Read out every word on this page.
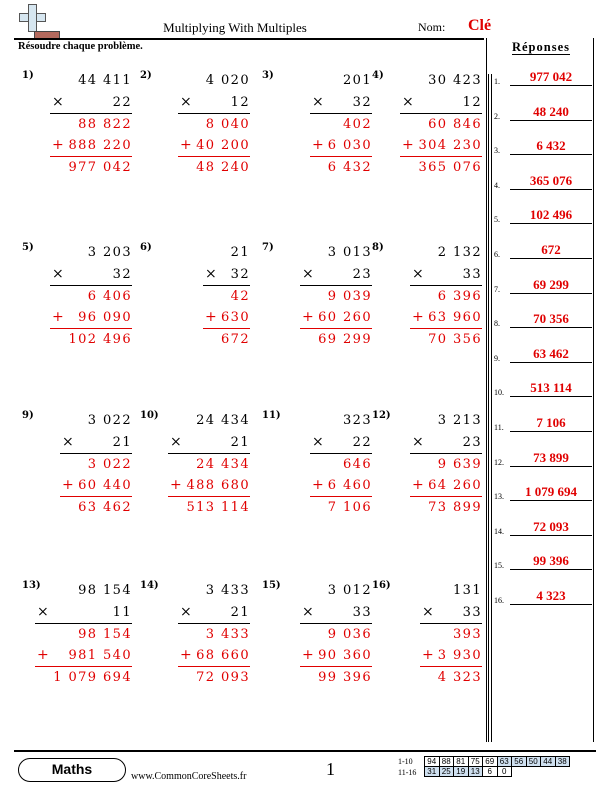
Multiplying With Multiples	Nom: Clé
Résoudre chaque problème.	Réponses
1.	977 042
2.	48 240
3.	6 432
4.	365 076
5.	102 496
6.	672
7.	69 299
8.	70 356
9.	63 462
10.	513 114
11.	7 106
12.	73 899
13.	1 079 694
14.	72 093
15.	99 396
16.	4 323
1)	44 411
×	22
88 822
+ 888 220
977 042
2)	4 020
×	12
8 040
+ 40 200
48 240
3)	201
× 32
402
+ 6 030
6 432
4)	30 423
×	12
60 846
+ 304 230
365 076
5)	3 203
×	32
6 406
+ 96 090
102 496
6)	21
× 32
42
+ 630
672
7)	3 013
×	23
9 039
+ 60 260
69 299
8)	2 132
×	33
6 396
+ 63 960
70 356
9)	3 022
×	21
3 022
+ 60 440
63 462
10)	24 434
×	21
24 434
+ 488 680
513 114
11)	323
× 22
646
+ 6 460
7 106
12)	3 213
×	23
9 639
+ 64 260
73 899
13)	98 154
×	11
98 154
+ 981 540
1 079 694
14)	3 433
×	21
3 433
+ 68 660
72 093
15)	3 012
×	33
9 036
+ 90 360
99 396
16)	131
× 33
393
+ 3 930
4 323
Maths	www.CommonCoreSheets.fr	1	1-10
11-16
94	88	81	75	69	63	56	50	44	38
31	25	19	13	6	0				
